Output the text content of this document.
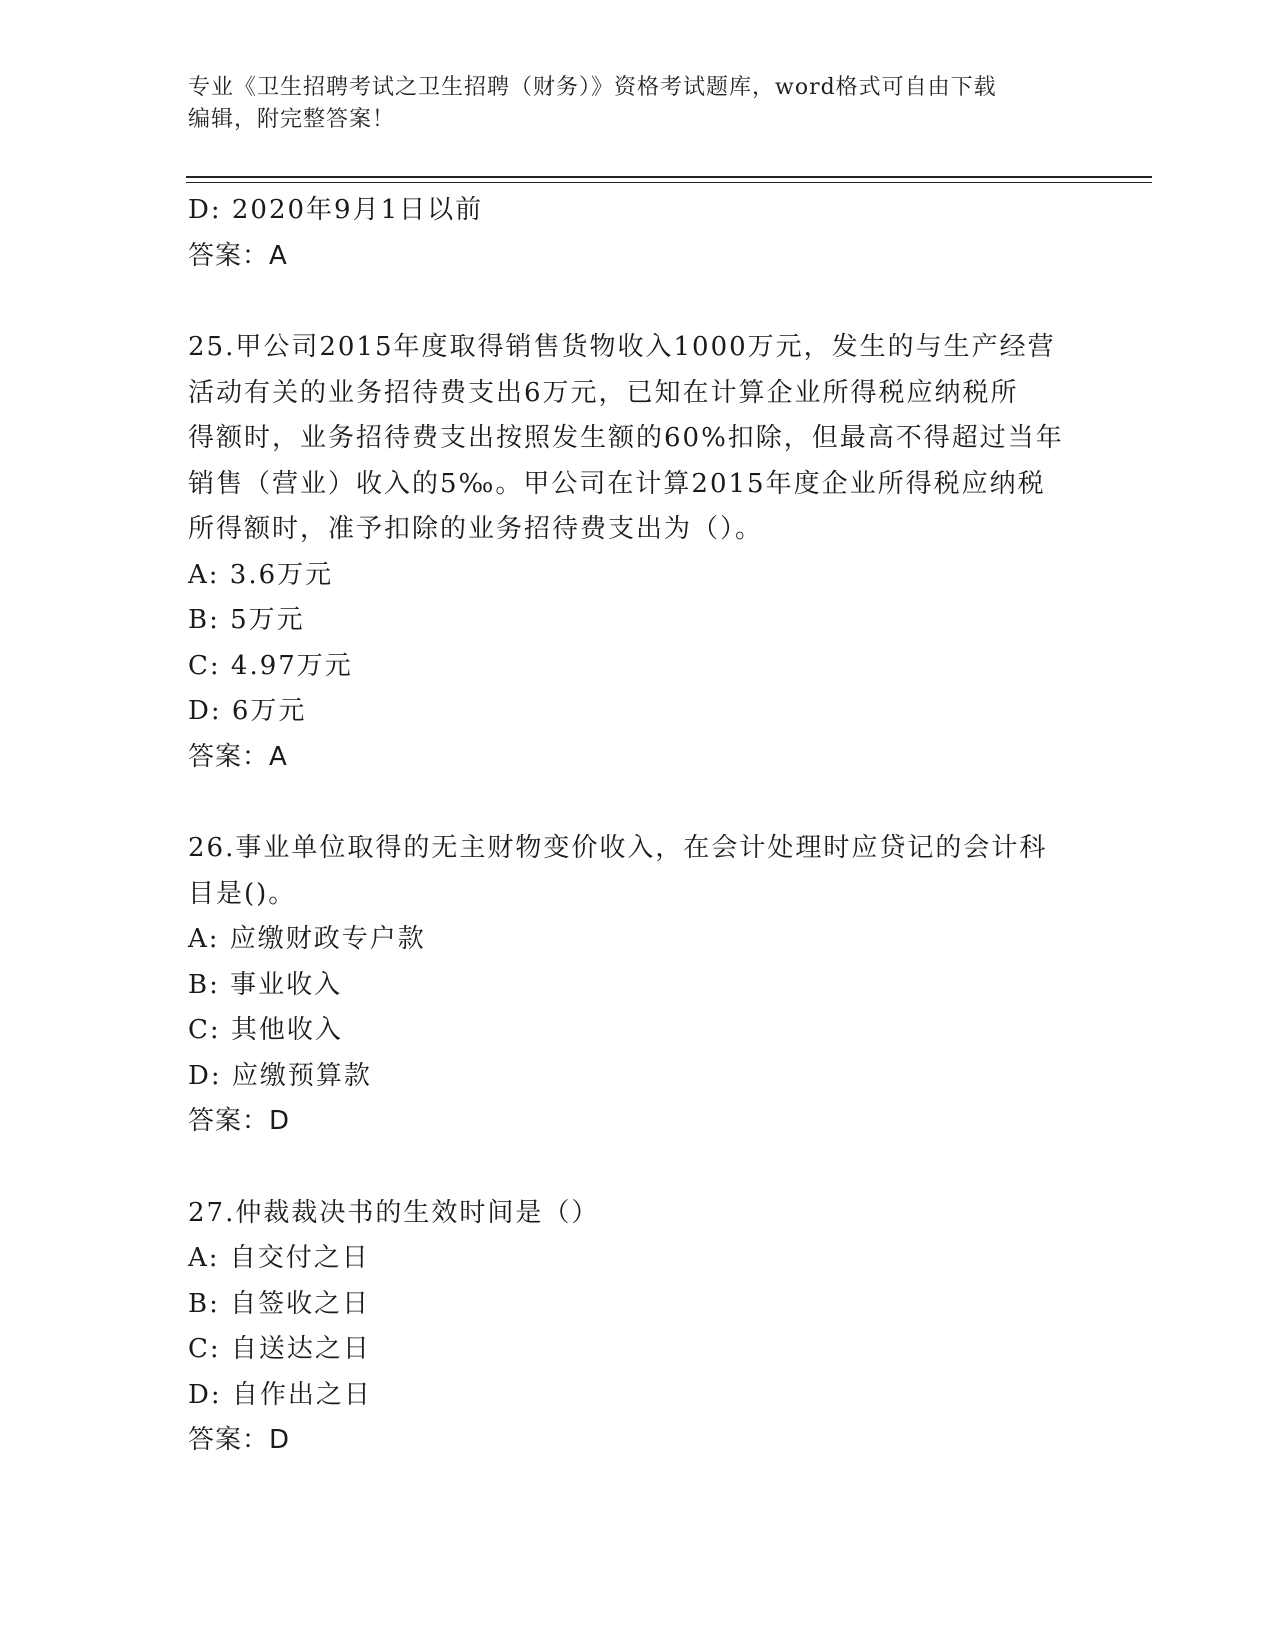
专业《卫生招聘考试之卫生招聘（财务）》资格考试题库，word格式可自由下载
编辑，附完整答案！
D: 2020年9月1日以前
答案：A
25.甲公司2015年度取得销售货物收入1000万元，发生的与生产经营
活动有关的业务招待费支出6万元，已知在计算企业所得税应纳税所
得额时，业务招待费支出按照发生额的60%扣除，但最高不得超过当年
销售（营业）收入的5‰。甲公司在计算2015年度企业所得税应纳税
所得额时，准予扣除的业务招待费支出为（）。
A: 3.6万元
B: 5万元
C: 4.97万元
D: 6万元
答案：A
26.事业单位取得的无主财物变价收入，在会计处理时应贷记的会计科
目是()。
A: 应缴财政专户款
B: 事业收入
C: 其他收入
D: 应缴预算款
答案：D
27.仲裁裁决书的生效时间是（）
A: 自交付之日
B: 自签收之日
C: 自送达之日
D: 自作出之日
答案：D
